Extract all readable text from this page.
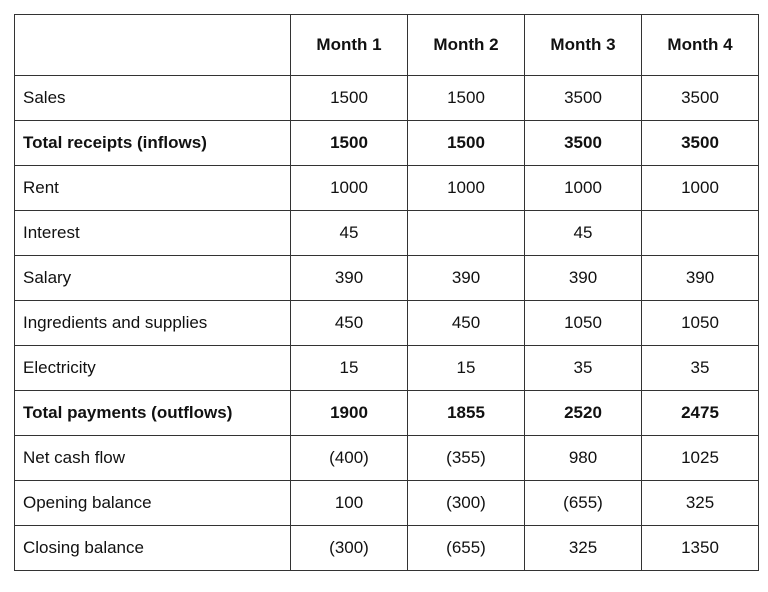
	Month 1	Month 2	Month 3	Month 4
Sales	1500	1500	3500	3500
Total receipts (inflows)	1500	1500	3500	3500
Rent	1000	1000	1000	1000
Interest	45		45	
Salary	390	390	390	390
Ingredients and supplies	450	450	1050	1050
Electricity	15	15	35	35
Total payments (outflows)	1900	1855	2520	2475
Net cash flow	(400)	(355)	980	1025
Opening balance	100	(300)	(655)	325
Closing balance	(300)	(655)	325	1350
